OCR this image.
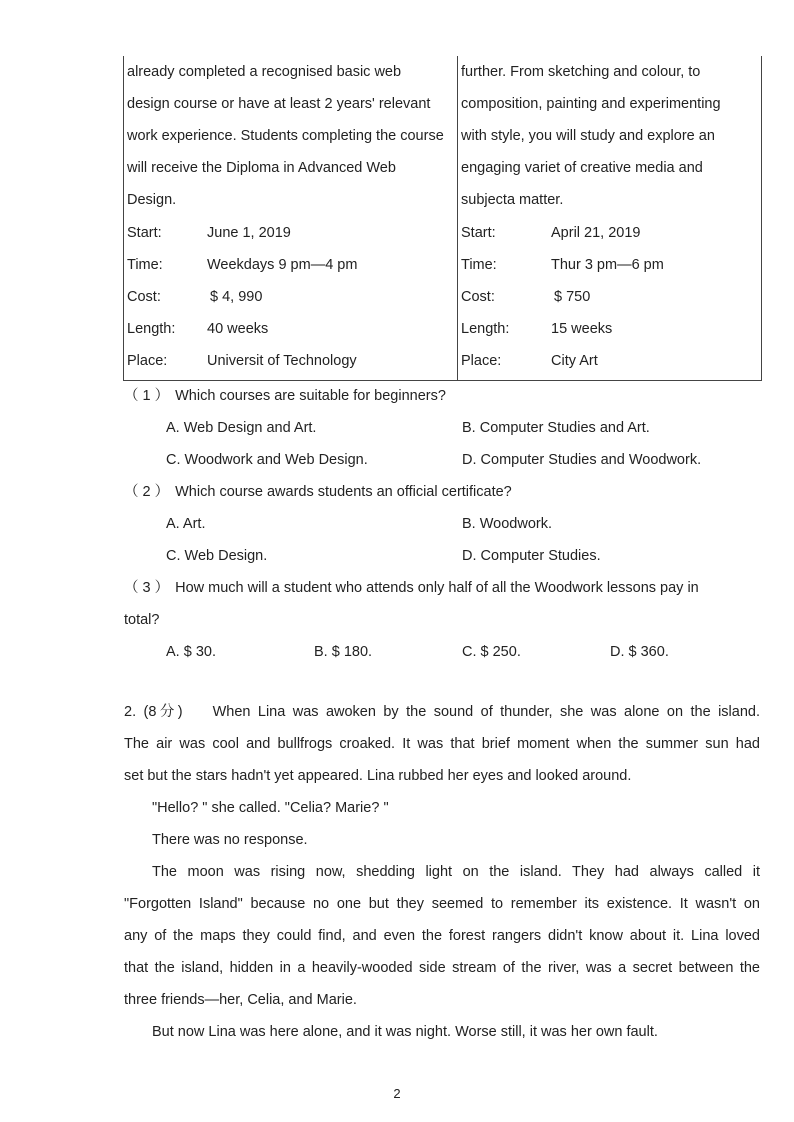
already completed a recognised basic web
design course or have at least 2 years' relevant
work experience. Students completing the course
will receive the Diploma in Advanced Web
Design.
Start:	June 1, 2019
Time:	Weekdays 9 pm—4 pm
Cost:	$ 4, 990
Length: 40 weeks
Place:	Universit of Technology
further. From sketching and colour, to
composition, painting and experimenting
with style, you will study and explore an
engaging variet of creative media and
subjecta matter.
Start:	April 21, 2019
Time:	Thur 3 pm—6 pm
Cost:	$ 750
Length:	15 weeks
Place:	City Art
（ 1 ） Which courses are suitable for beginners?
A. Web Design and Art.	B. Computer Studies and Art.
C. Woodwork and Web Design.	D. Computer Studies and Woodwork.
（ 2 ） Which course awards students an official certificate?
A. Art.	B. Woodwork.
C. Web Design.	D. Computer Studies.
（ 3 ） How much will a student who attends only half of all the Woodwork lessons pay in
total?
A. $ 30.	B. $ 180.	C. $ 250.	D. $ 360.
2. (8分) When Lina was awoken by the sound of thunder, she was alone on the island.
The air was cool and bullfrogs croaked. It was that brief moment when the summer sun had
set but the stars hadn't yet appeared. Lina rubbed her eyes and looked around.
"Hello? " she called. "Celia? Marie? "
There was no response.
The moon was rising now, shedding light on the island. They had always called it
"Forgotten Island" because no one but they seemed to remember its existence. It wasn't on
any of the maps they could find, and even the forest rangers didn't know about it. Lina loved
that the island, hidden in a heavily-wooded side stream of the river, was a secret between the
three friends—her, Celia, and Marie.
But now Lina was here alone, and it was night. Worse still, it was her own fault.
2
